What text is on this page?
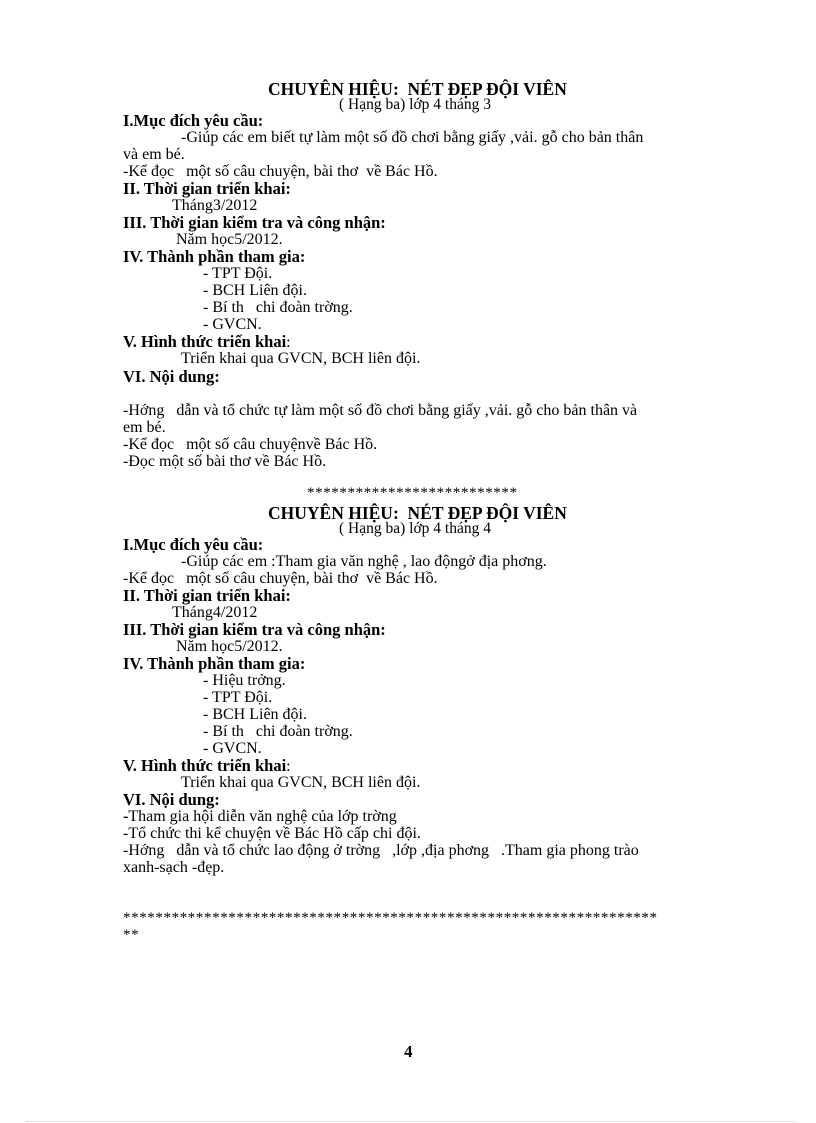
CHUYÊN HIỆU:  NÉT ĐẸP ĐỘI VIÊN
( Hạng ba) lớp 4 tháng 3
I.Mục đích yêu cầu:
-Giúp các em biết tự làm một số đồ chơi bằng giấy ,vải. gỗ cho bản thân
và em bé.
-Kể đọc   một số câu chuyện, bài thơ  về Bác Hồ.
II. Thời gian triển khai:
Tháng3/2012
III. Thời gian kiểm tra và công nhận:
Năm học5/2012.
IV. Thành phần tham gia:
- TPT Đội.
- BCH Liên đội.
- Bí th   chi đoàn trờng.
- GVCN.
V. Hình thức triển khai:
Triển khai qua GVCN, BCH liên đội.
VI. Nội dung:
-Hớng   dẫn và tổ chức tự làm một số đồ chơi bằng giấy ,vải. gỗ cho bản thân và
em bé.
-Kể đọc   một số câu chuyệnvề Bác Hồ.
-Đọc một số bài thơ về Bác Hồ.
**************************
CHUYÊN HIỆU:  NÉT ĐẸP ĐỘI VIÊN
( Hạng ba) lớp 4 tháng 4
I.Mục đích yêu cầu:
-Giúp các em :Tham gia văn nghệ , lao độngở địa phơng.
-Kể đọc   một số câu chuyện, bài thơ  về Bác Hồ.
II. Thời gian triển khai:
Tháng4/2012
III. Thời gian kiểm tra và công nhận:
Năm học5/2012.
IV. Thành phần tham gia:
- Hiệu trởng.
- TPT Đội.
- BCH Liên đội.
- Bí th   chi đoàn trờng.
- GVCN.
V. Hình thức triển khai:
Triển khai qua GVCN, BCH liên đội.
VI. Nội dung:
-Tham gia hội diễn văn nghệ của lớp trờng
-Tổ chức thi kể chuyện về Bác Hồ cấp chi đội.
-Hớng   dẫn và tổ chức lao động ở trờng   ,lớp ,địa phơng   .Tham gia phong trào
xanh-sạch -đẹp.
******************************************************************
**
4
